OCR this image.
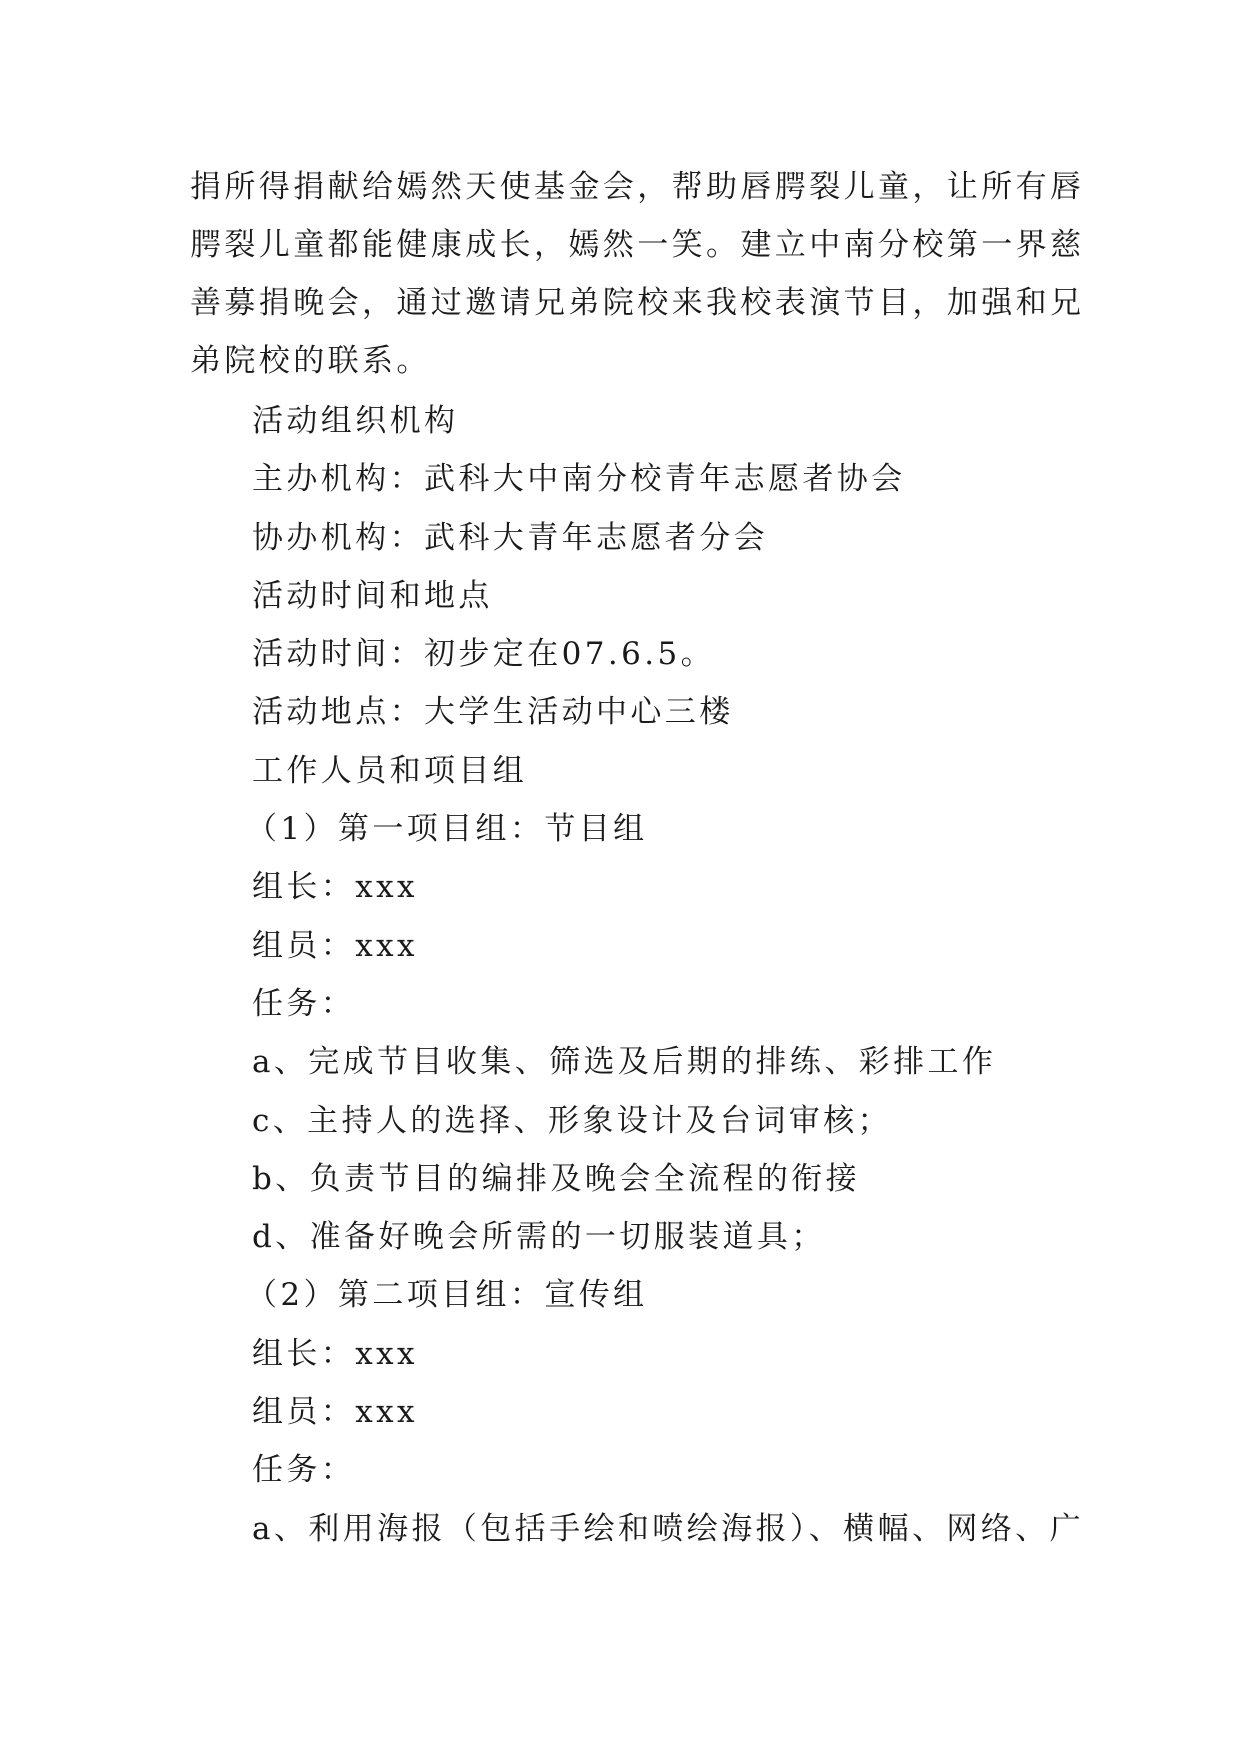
捐所得捐献给嫣然天使基金会，帮助唇腭裂儿童，让所有唇
腭裂儿童都能健康成长，嫣然一笑。建立中南分校第一界慈
善募捐晚会，通过邀请兄弟院校来我校表演节目，加强和兄
弟院校的联系。

活动组织机构
主办机构：武科大中南分校青年志愿者协会
协办机构：武科大青年志愿者分会
活动时间和地点
活动时间：初步定在07.6.5。
活动地点：大学生活动中心三楼
工作人员和项目组
（1）第一项目组：节目组
组长：xxx
组员：xxx
任务：
a、完成节目收集、筛选及后期的排练、彩排工作
c、主持人的选择、形象设计及台词审核；
b、负责节目的编排及晚会全流程的衔接
d、准备好晚会所需的一切服装道具；
（2）第二项目组：宣传组
组长：xxx
组员：xxx
任务：
a、利用海报（包括手绘和喷绘海报）、横幅、网络、广
